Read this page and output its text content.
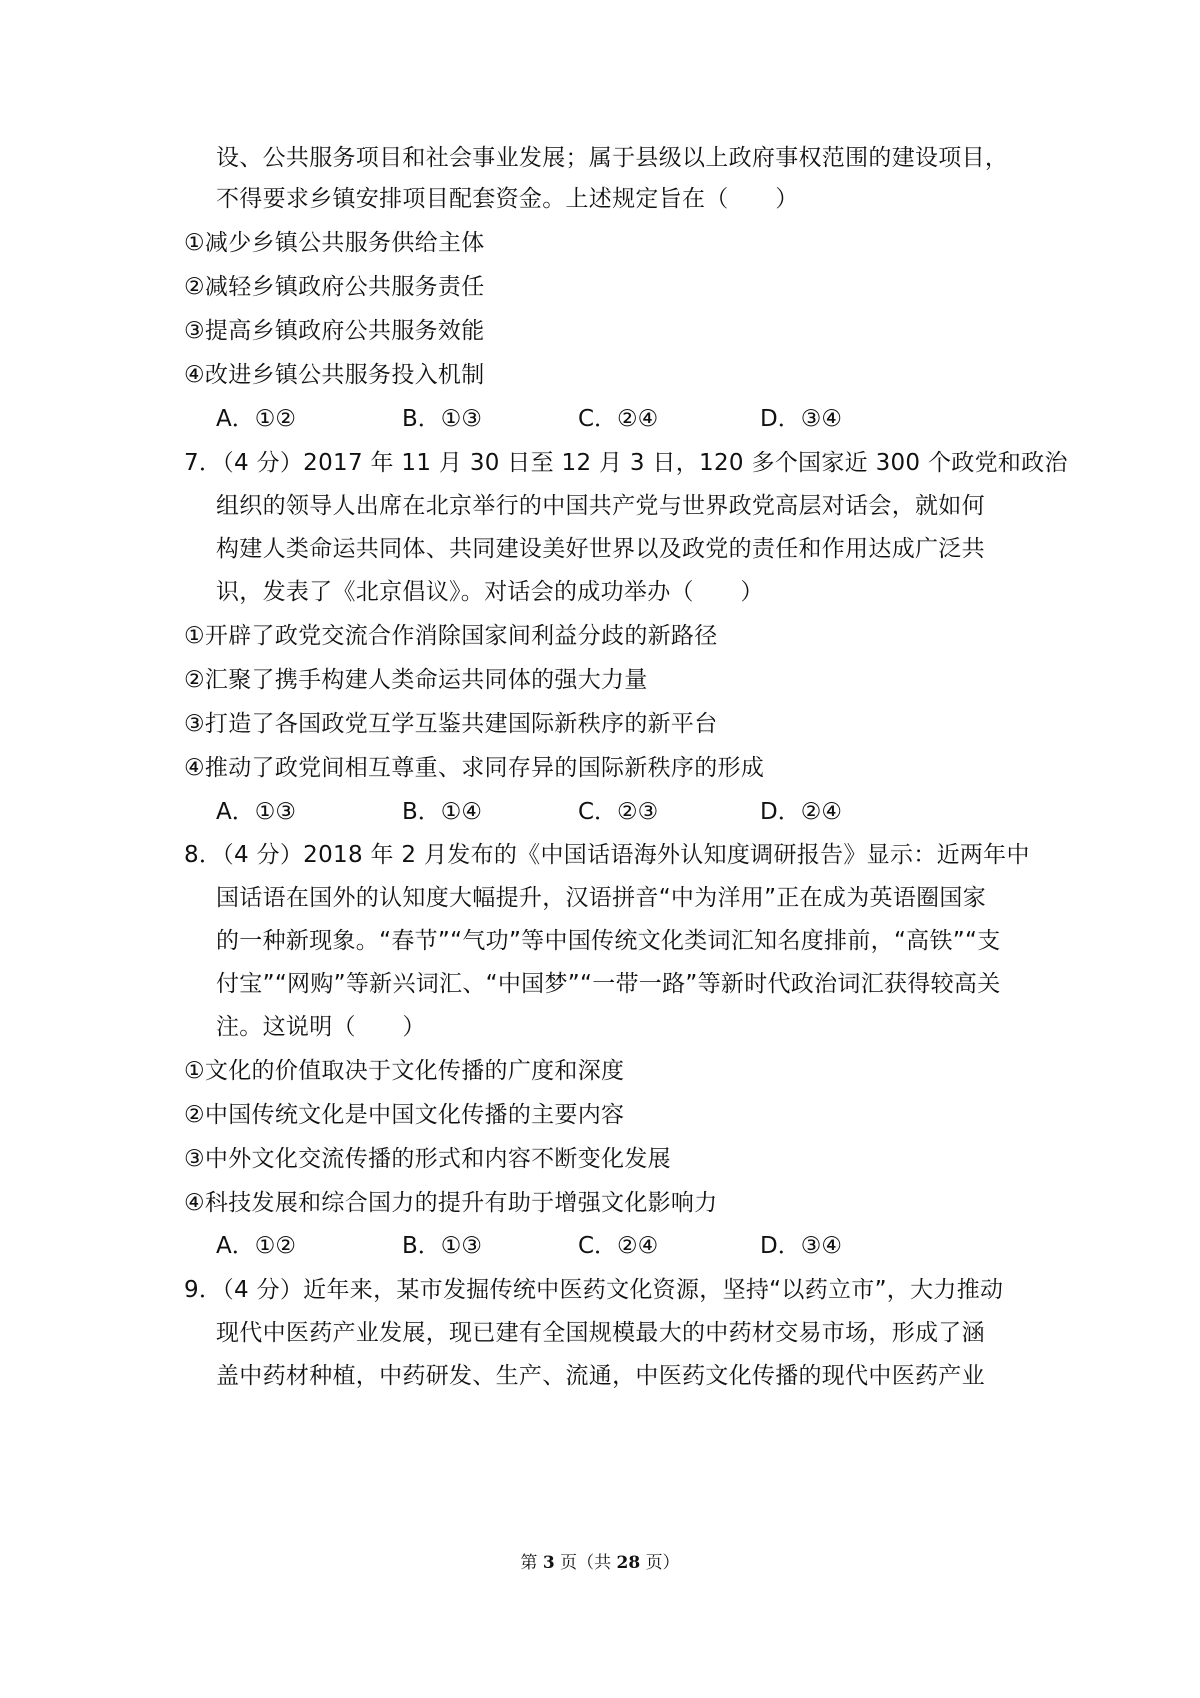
设、公共服务项目和社会事业发展；属于县级以上政府事权范围的建设项目，
不得要求乡镇安排项目配套资金。上述规定旨在（　　）
①减少乡镇公共服务供给主体
②减轻乡镇政府公共服务责任
③提高乡镇政府公共服务效能
④改进乡镇公共服务投入机制
A．①②	B．①③	C．②④	D．③④
7．（4 分）2017 年 11 月 30 日至 12 月 3 日，120 多个国家近 300 个政党和政治
组织的领导人出席在北京举行的中国共产党与世界政党高层对话会，就如何
构建人类命运共同体、共同建设美好世界以及政党的责任和作用达成广泛共
识，发表了《北京倡议》。对话会的成功举办（　　）
①开辟了政党交流合作消除国家间利益分歧的新路径
②汇聚了携手构建人类命运共同体的强大力量
③打造了各国政党互学互鉴共建国际新秩序的新平台
④推动了政党间相互尊重、求同存异的国际新秩序的形成
A．①③	B．①④	C．②③	D．②④
8．（4 分）2018 年 2 月发布的《中国话语海外认知度调研报告》显示：近两年中
国话语在国外的认知度大幅提升，汉语拼音“中为洋用”正在成为英语圈国家
的一种新现象。“春节”“气功”等中国传统文化类词汇知名度排前，“高铁”“支
付宝”“网购”等新兴词汇、“中国梦”“一带一路”等新时代政治词汇获得较高关
注。这说明（　　）
①文化的价值取决于文化传播的广度和深度
②中国传统文化是中国文化传播的主要内容
③中外文化交流传播的形式和内容不断变化发展
④科技发展和综合国力的提升有助于增强文化影响力
A．①②	B．①③	C．②④	D．③④
9．（4 分）近年来，某市发掘传统中医药文化资源，坚持“以药立市”，大力推动
现代中医药产业发展，现已建有全国规模最大的中药材交易市场，形成了涵
盖中药材种植，中药研发、生产、流通，中医药文化传播的现代中医药产业
第 3 页（共 28 页）
